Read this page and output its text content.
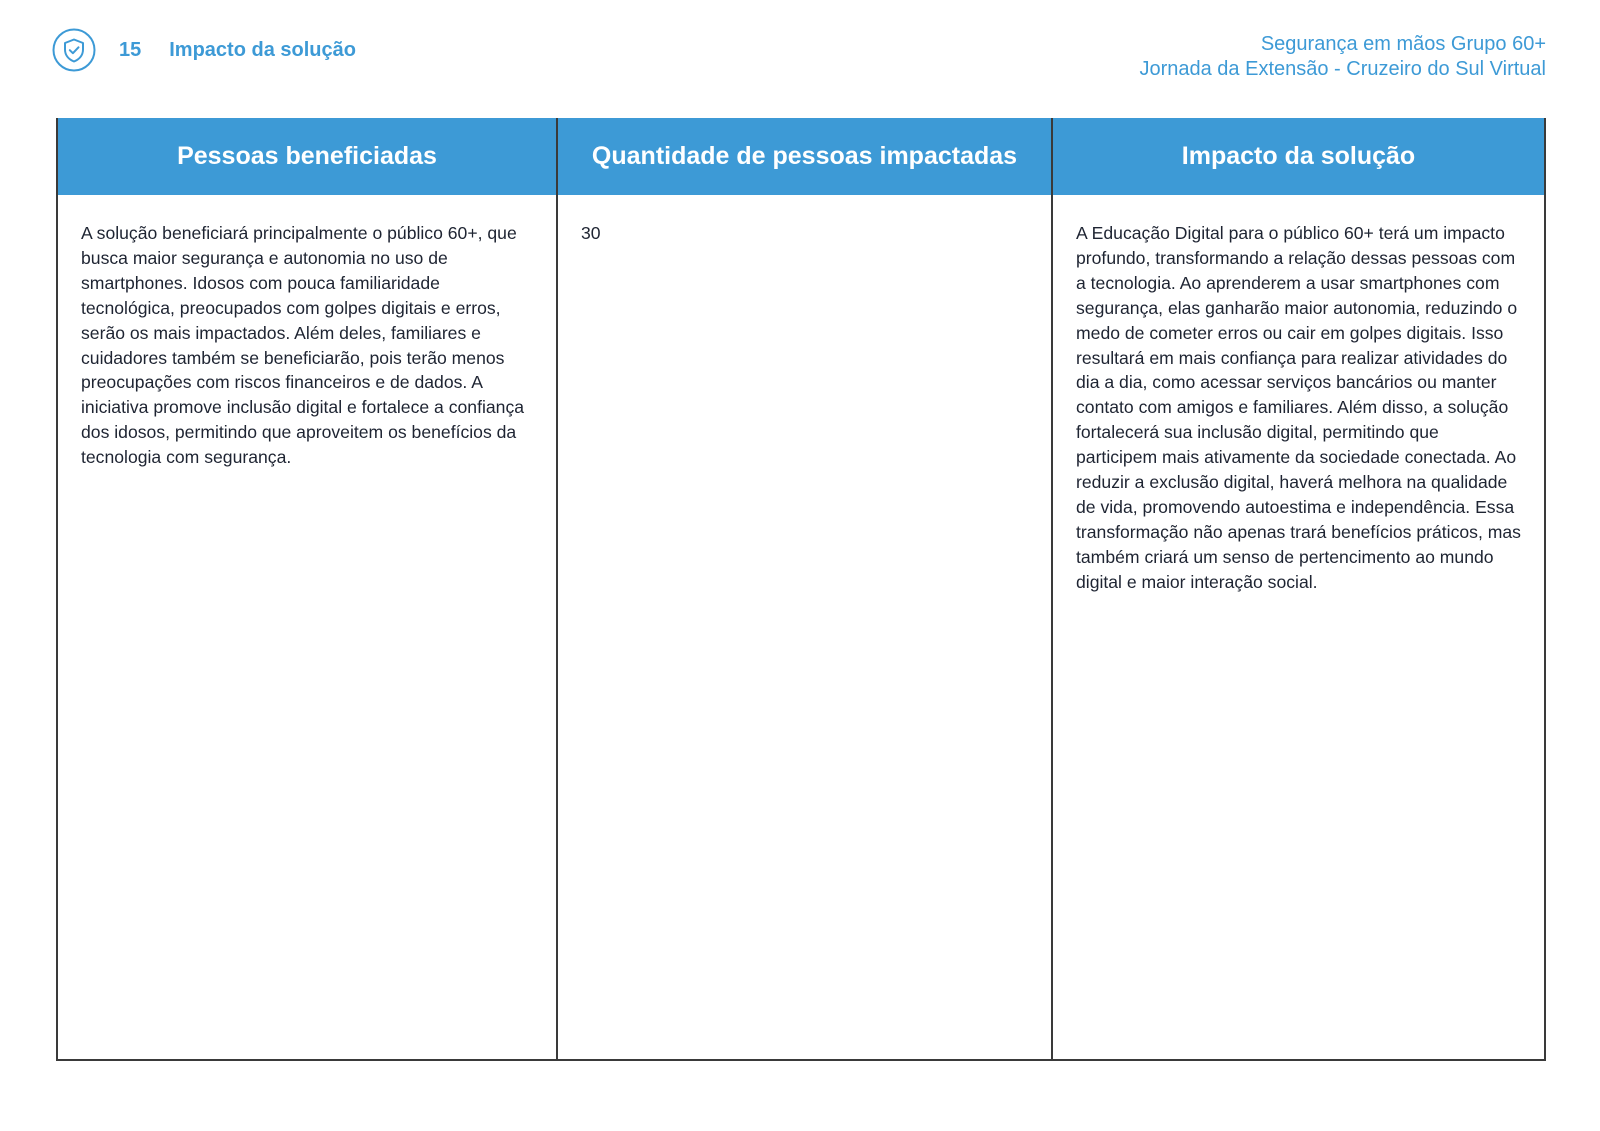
15 Impacto da solução	Segurança em mãos Grupo 60+
Jornada da Extensão - Cruzeiro do Sul Virtual
Pessoas beneficiadas
A solução beneficiará principalmente o público 60+, que busca maior segurança e autonomia no uso de smartphones. Idosos com pouca familiaridade tecnológica, preocupados com golpes digitais e erros, serão os mais impactados. Além deles, familiares e cuidadores também se beneficiarão, pois terão menos preocupações com riscos financeiros e de dados. A iniciativa promove inclusão digital e fortalece a confiança dos idosos, permitindo que aproveitem os benefícios da tecnologia com segurança.
Quantidade de pessoas impactadas
30
Impacto da solução
A Educação Digital para o público 60+ terá um impacto profundo, transformando a relação dessas pessoas com a tecnologia. Ao aprenderem a usar smartphones com segurança, elas ganharão maior autonomia, reduzindo o medo de cometer erros ou cair em golpes digitais. Isso resultará em mais confiança para realizar atividades do dia a dia, como acessar serviços bancários ou manter contato com amigos e familiares. Além disso, a solução fortalecerá sua inclusão digital, permitindo que participem mais ativamente da sociedade conectada. Ao reduzir a exclusão digital, haverá melhora na qualidade de vida, promovendo autoestima e independência. Essa transformação não apenas trará benefícios práticos, mas também criará um senso de pertencimento ao mundo digital e maior interação social.
